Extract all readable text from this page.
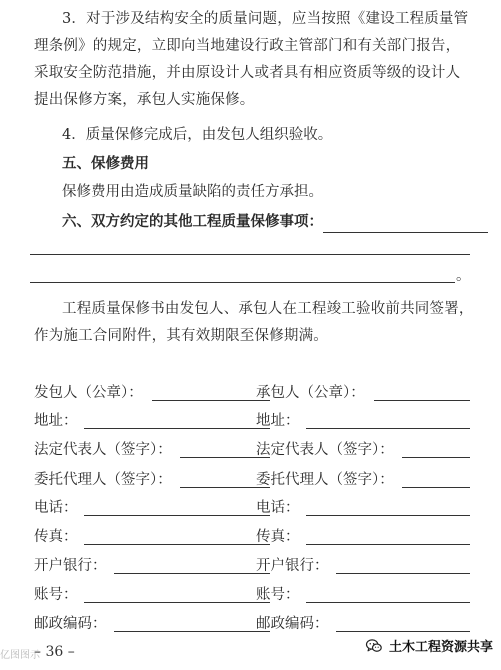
3．对于涉及结构安全的质量问题，应当按照《建设工程质量管理条例》的规定，立即向当地建设行政主管部门和有关部门报告，采取安全防范措施，并由原设计人或者具有相应资质等级的设计人提出保修方案，承包人实施保修。
4．质量保修完成后，由发包人组织验收。
五、保修费用
保修费用由造成质量缺陷的责任方承担。
六、双方约定的其他工程质量保修事项：
。
工程质量保修书由发包人、承包人在工程竣工验收前共同签署，作为施工合同附件，其有效期限至保修期满。
发包人（公章）：
地址：
法定代表人（签字）：
委托代理人（签字）：
电话：
传真：
开户银行：
账号：
邮政编码：
承包人（公章）：
地址：
法定代表人（签字）：
委托代理人（签字）：
电话：
传真：
开户银行：
账号：
邮政编码：
亿图图示
– 36 –	土木工程资源共享
